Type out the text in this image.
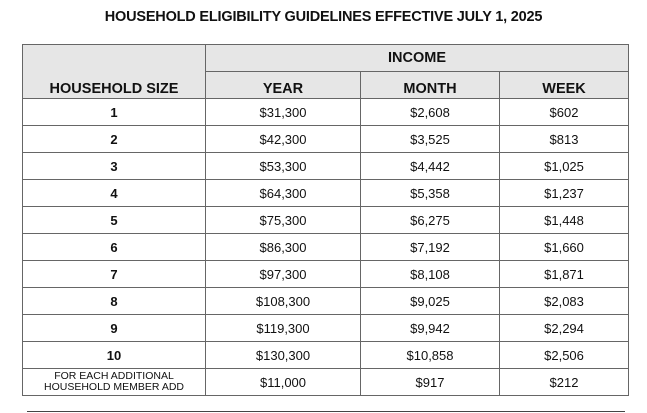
HOUSEHOLD ELIGIBILITY GUIDELINES EFFECTIVE JULY 1, 2025
HOUSEHOLD SIZE	INCOME		
	YEAR	MONTH	WEEK
1	$31,300	$2,608	$602
2	$42,300	$3,525	$813
3	$53,300	$4,442	$1,025
4	$64,300	$5,358	$1,237
5	$75,300	$6,275	$1,448
6	$86,300	$7,192	$1,660
7	$97,300	$8,108	$1,871
8	$108,300	$9,025	$2,083
9	$119,300	$9,942	$2,294
10	$130,300	$10,858	$2,506
FOR EACH ADDITIONAL
HOUSEHOLD MEMBER ADD	$11,000	$917	$212
